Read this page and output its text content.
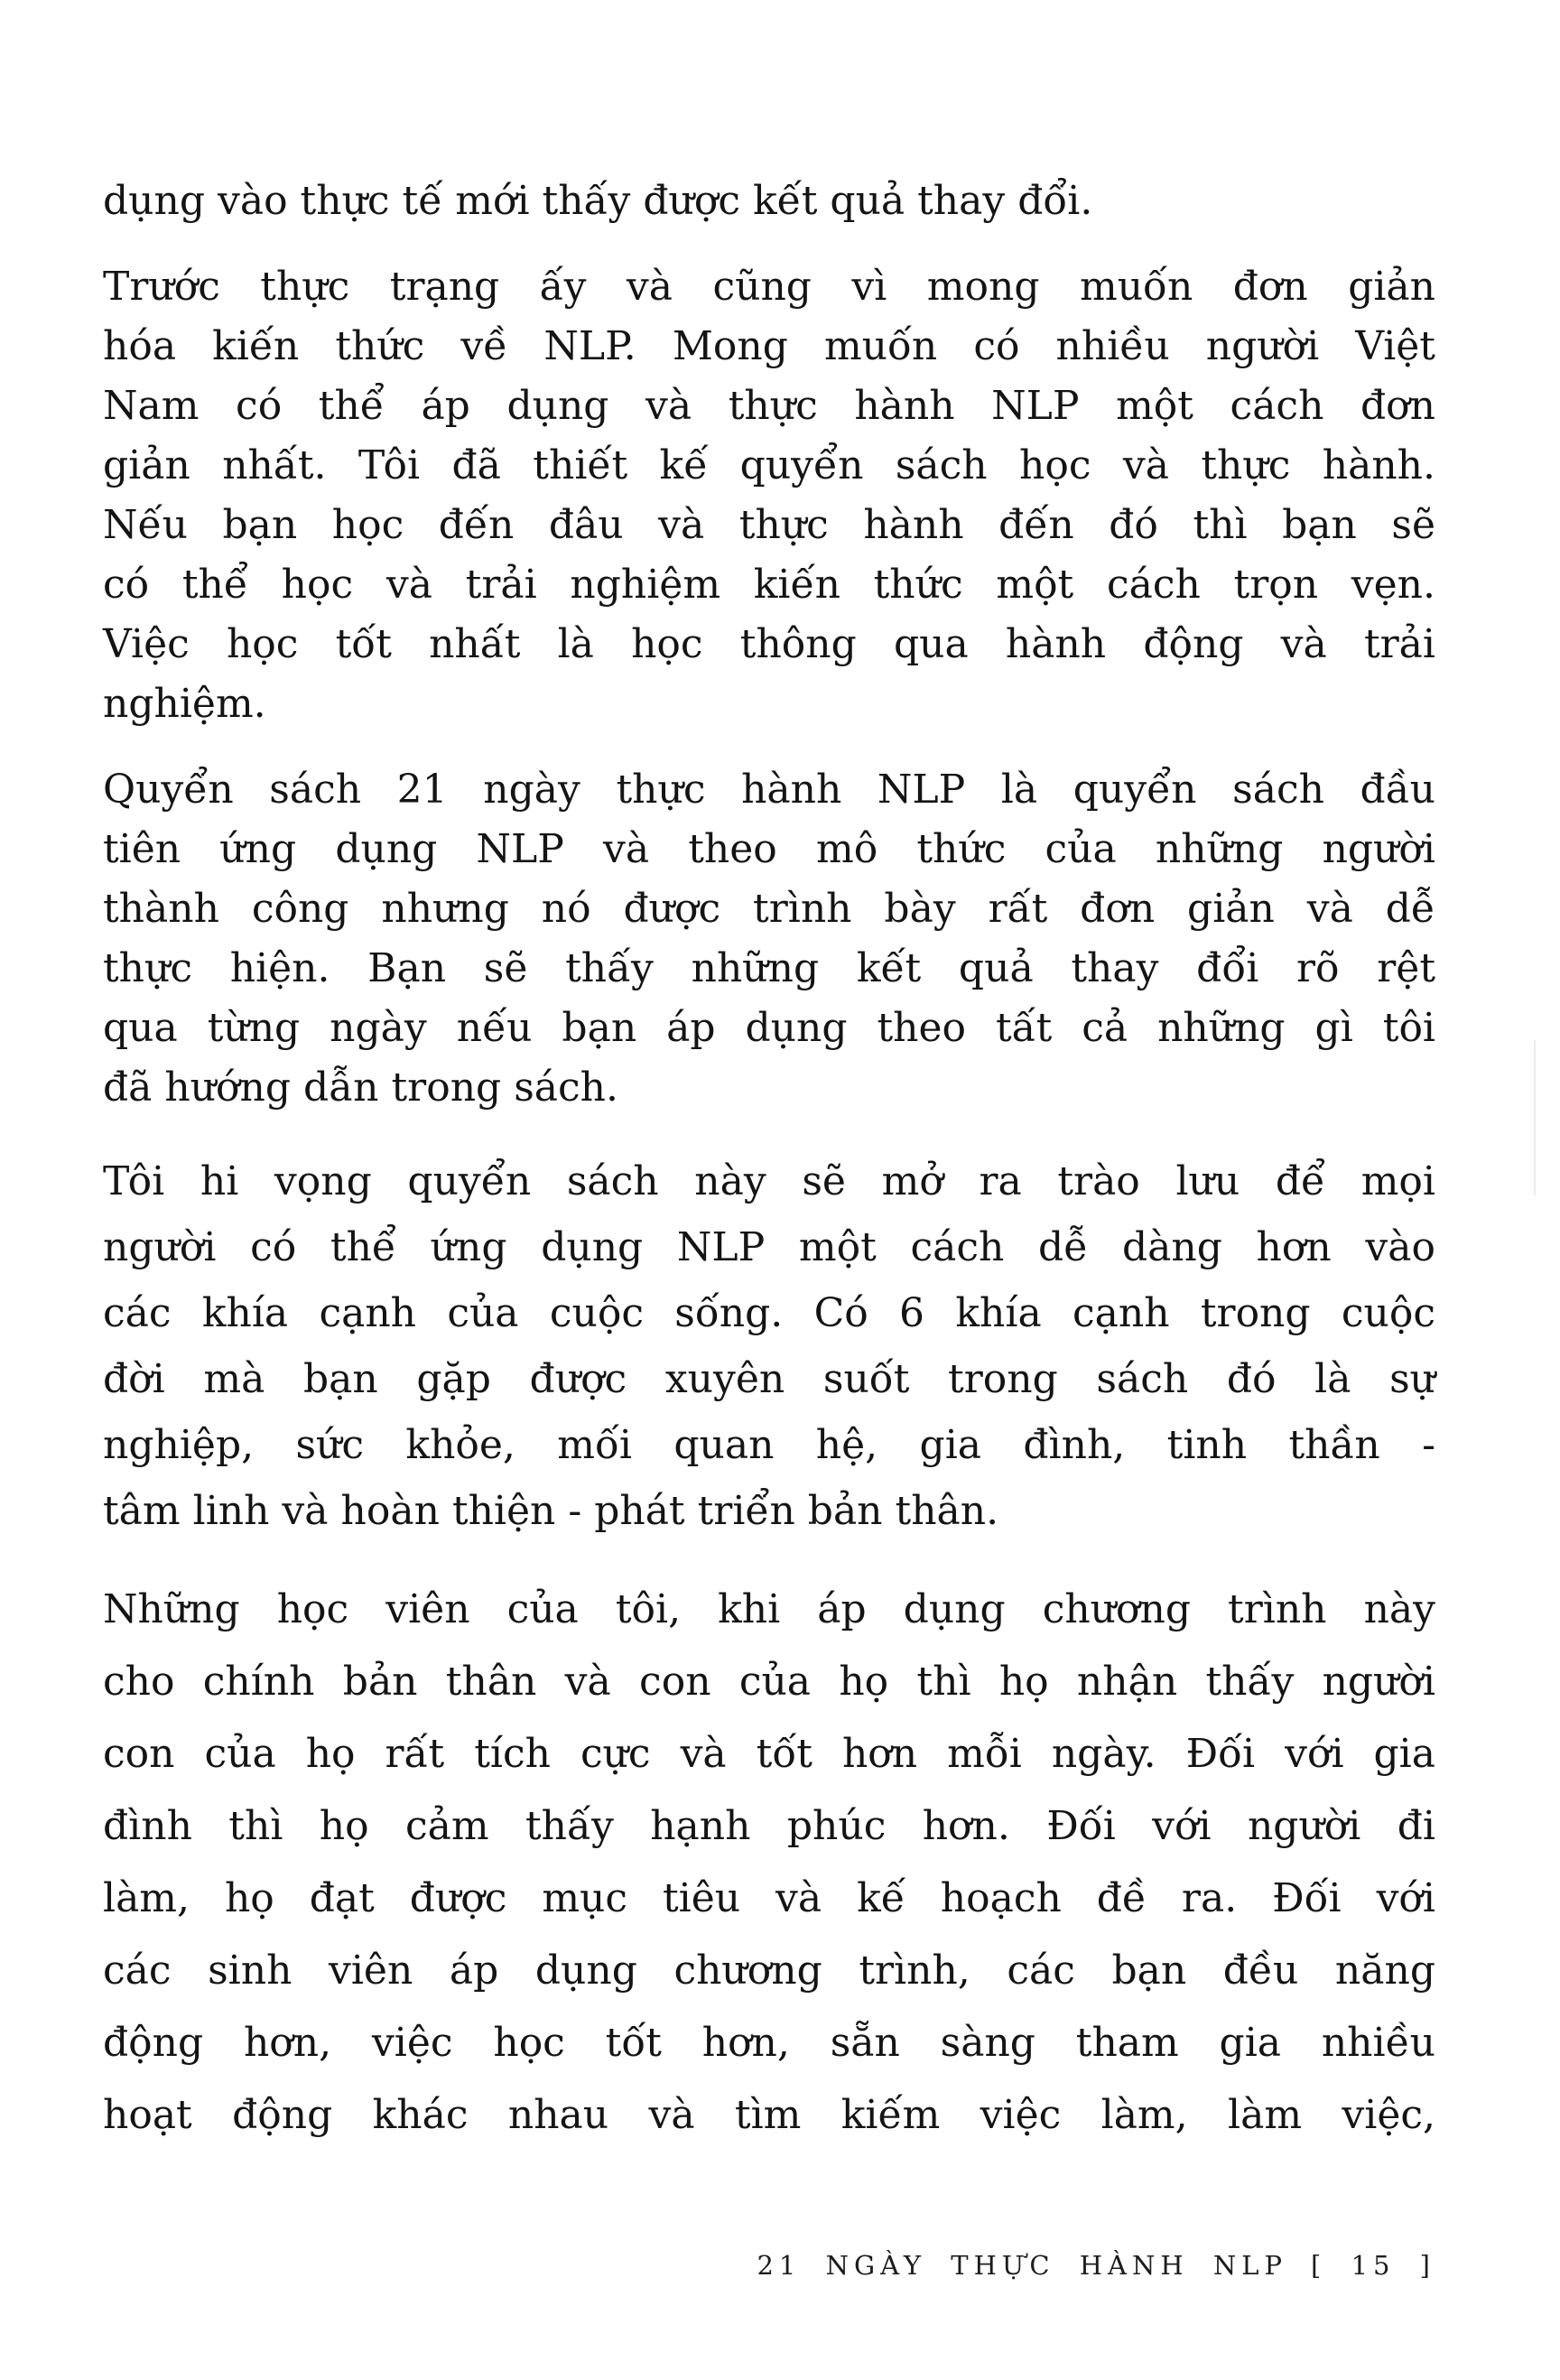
dụng vào thực tế mới thấy được kết quả thay đổi.
Trước thực trạng ấy và cũng vì mong muốn đơn giản
hóa kiến thức về NLP. Mong muốn có nhiều người Việt
Nam có thể áp dụng và thực hành NLP một cách đơn
giản nhất. Tôi đã thiết kế quyển sách học và thực hành.
Nếu bạn học đến đâu và thực hành đến đó thì bạn sẽ
có thể học và trải nghiệm kiến thức một cách trọn vẹn.
Việc học tốt nhất là học thông qua hành động và trải
nghiệm.
Quyển sách 21 ngày thực hành NLP là quyển sách đầu
tiên ứng dụng NLP và theo mô thức của những người
thành công nhưng nó được trình bày rất đơn giản và dễ
thực hiện. Bạn sẽ thấy những kết quả thay đổi rõ rệt
qua từng ngày nếu bạn áp dụng theo tất cả những gì tôi
đã hướng dẫn trong sách.
Tôi hi vọng quyển sách này sẽ mở ra trào lưu để mọi
người có thể ứng dụng NLP một cách dễ dàng hơn vào
các khía cạnh của cuộc sống. Có 6 khía cạnh trong cuộc
đời mà bạn gặp được xuyên suốt trong sách đó là sự
nghiệp, sức khỏe, mối quan hệ, gia đình, tinh thần -
tâm linh và hoàn thiện - phát triển bản thân.
Những học viên của tôi, khi áp dụng chương trình này
cho chính bản thân và con của họ thì họ nhận thấy người
con của họ rất tích cực và tốt hơn mỗi ngày. Đối với gia
đình thì họ cảm thấy hạnh phúc hơn. Đối với người đi
làm, họ đạt được mục tiêu và kế hoạch đề ra. Đối với
các sinh viên áp dụng chương trình, các bạn đều năng
động hơn, việc học tốt hơn, sẵn sàng tham gia nhiều
hoạt động khác nhau và tìm kiếm việc làm, làm việc,
21 NGÀY THỰC HÀNH NLP [ 15 ]
